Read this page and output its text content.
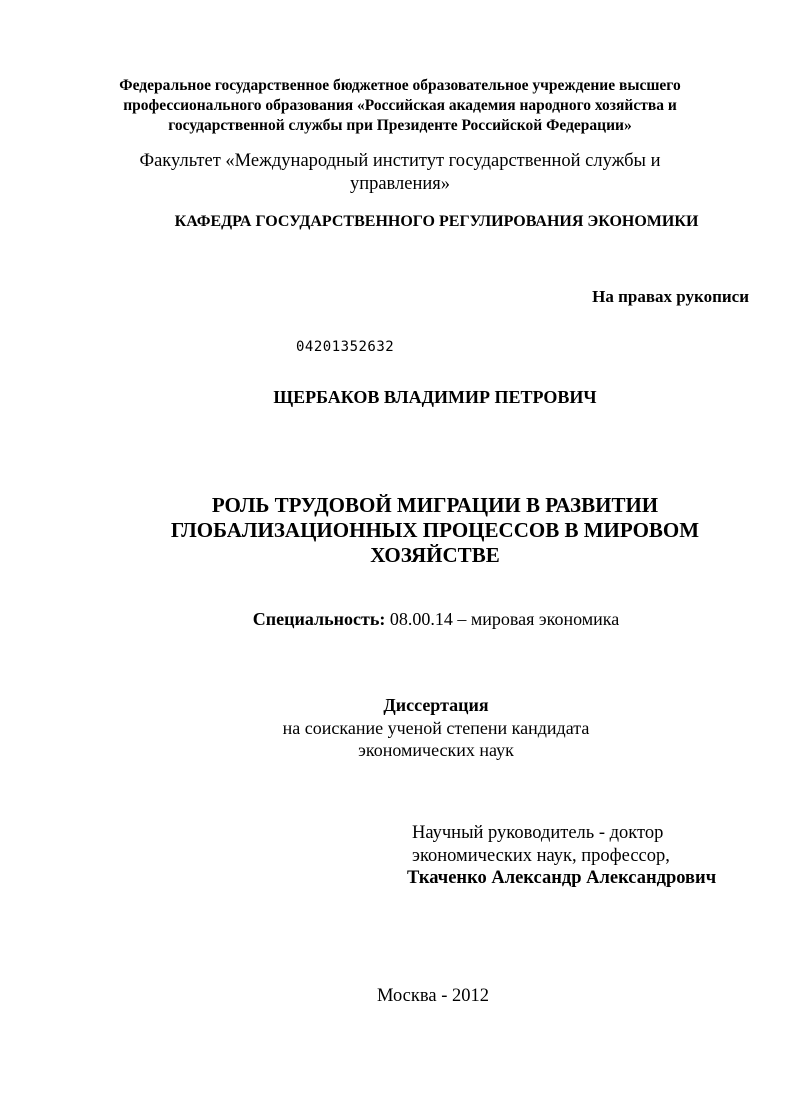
Федеральное государственное бюджетное образовательное учреждение высшего
профессионального образования «Российская академия народного хозяйства и
государственной службы при Президенте Российской Федерации»
Факультет «Международный институт государственной службы и
управления»
КАФЕДРА ГОСУДАРСТВЕННОГО РЕГУЛИРОВАНИЯ ЭКОНОМИКИ
На правах рукописи
04201352632
ЩЕРБАКОВ ВЛАДИМИР ПЕТРОВИЧ
РОЛЬ ТРУДОВОЙ МИГРАЦИИ В РАЗВИТИИ
ГЛОБАЛИЗАЦИОННЫХ ПРОЦЕССОВ В МИРОВОМ
ХОЗЯЙСТВЕ
Специальность: 08.00.14 – мировая экономика
Диссертация
на соискание ученой степени кандидата
экономических наук
Научный руководитель - доктор
экономических наук, профессор,
Ткаченко Александр Александрович
Москва - 2012
